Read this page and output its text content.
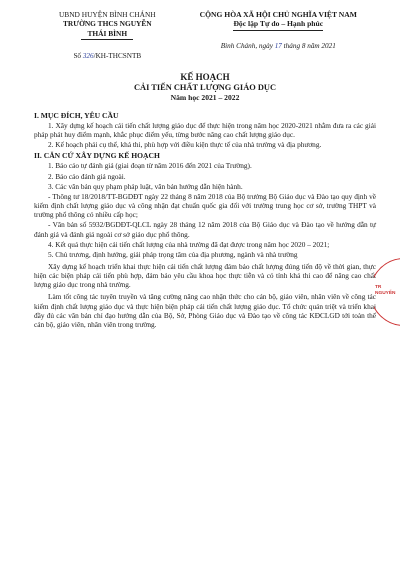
UBND HUYỆN BÌNH CHÁNH
TRƯỜNG THCS NGUYỄN
THÁI BÌNH
Số 326/KH-THCSNTB
CỘNG HÒA XÃ HỘI CHỦ NGHĨA VIỆT NAM
Độc lập Tự do – Hạnh phúc
Bình Chánh, ngày 17 tháng 8 năm 2021
KẾ HOẠCH
CẢI TIẾN CHẤT LƯỢNG GIÁO DỤC
Năm học 2021 – 2022
I. MỤC ĐÍCH, YÊU CẦU

1. Xây dựng kế hoạch cải tiến chất lượng giáo dục để thực hiện trong năm học 2020-2021 nhằm đưa ra các giải pháp phát huy điểm mạnh, khắc phục điểm yếu, từng bước nâng cao chất lượng giáo dục.

2. Kế hoạch phải cụ thể, khả thi, phù hợp với điều kiện thực tế của nhà trường và địa phương.

II. CĂN CỨ XÂY DỰNG KẾ HOẠCH

1. Báo cáo tự đánh giá (giai đoạn từ năm 2016 đến 2021 của Trường).

2. Báo cáo đánh giá ngoài.

3. Các văn bản quy phạm pháp luật, văn bản hướng dẫn hiện hành.

- Thông tư 18/2018/TT-BGDĐT ngày 22 tháng 8 năm 2018 của Bộ trưởng Bộ Giáo dục và Đào tạo quy định về kiểm định chất lượng giáo dục và công nhận đạt chuẩn quốc gia đối với trường trung học cơ sở, trường THPT và trường phổ thông có nhiều cấp học;

- Văn bản số 5932/BGDĐT-QLCL ngày 28 tháng 12 năm 2018 của Bộ Giáo dục và Đào tạo về hướng dẫn tự đánh giá và đánh giá ngoài cơ sở giáo dục phổ thông.

4. Kết quả thực hiện cải tiến chất lượng của nhà trường đã đạt được trong năm học 2020 – 2021;

5. Chủ trương, định hướng, giải pháp trọng tâm của địa phương, ngành và nhà trường

Xây dựng kế hoạch triển khai thực hiện cải tiến chất lượng đảm bảo chất lượng đúng tiến độ về thời gian, thực hiện các biện pháp cải tiến phù hợp, đảm bảo yêu cầu khoa học thực tiễn và có tính khả thi cao để nâng cao chất lượng giáo dục trong nhà trường.

Làm tốt công tác tuyên truyền và tăng cường nâng cao nhận thức cho cán bộ, giáo viên, nhân viên về công tác kiểm định chất lượng giáo dục và thực hiện biện pháp cải tiến chất lượng giáo dục. Tổ chức quán triệt và triển khai đầy đủ các văn bản chỉ đạo hướng dẫn của Bộ, Sở, Phòng Giáo dục và Đào tạo về công tác KĐCLGD tới toàn thể cán bộ, giáo viên, nhân viên trong trường.

TR
NGUYỄN
